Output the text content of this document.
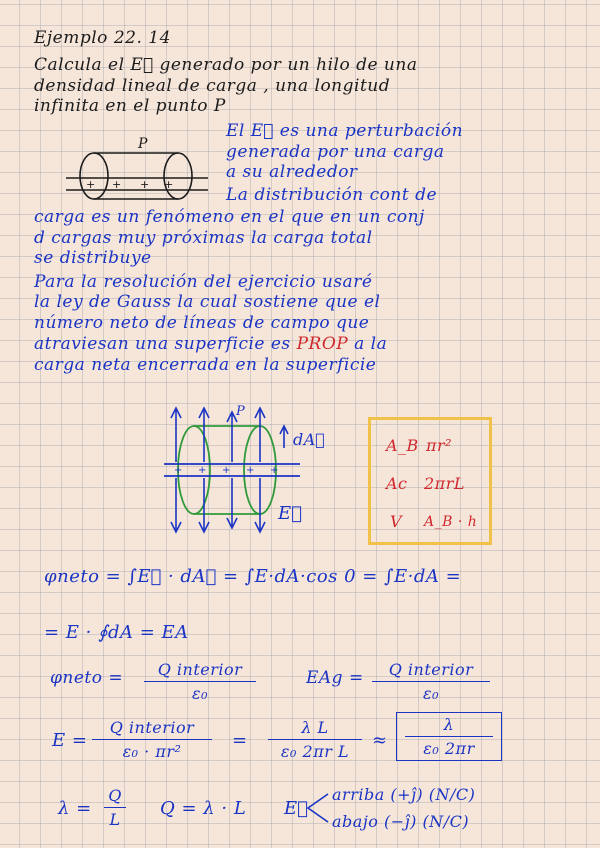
Ejemplo 22. 14
Calcula el E⃗ generado por un hilo de una
densidad lineal de carga , una longitud
infinita en el punto P
El E⃗ es una perturbación
generada por una carga
a su alrededor
+ + + +
P
La distribución cont de
carga es un fenómeno en el que en un conj
d cargas muy próximas la carga total
se distribuye
Para la resolución del ejercicio usaré
la ley de Gauss la cual sostiene que el
número neto de líneas de campo que
atraviesan una superficie es PROP a la
carga neta encerrada en la superficie
+ + + + +
P
dA⃗
E⃗
A_B πr²
Ac 2πrL
V A_B · h
φneto = ∫E⃗ · dA⃗ = ∫E·dA·cos 0 = ∫E·dA =
= E · ∮dA = EA
φneto =	Q interior
ε₀
EAg =	Q interior
ε₀
E =
Q interior
ε₀ · πr²
=
λ L
ε₀ 2πr L
≈
λ
ε₀ 2πr
λ =
Q
L
Q = λ · L E⃗
arriba (+ĵ) (N/C)
abajo (−ĵ) (N/C)
